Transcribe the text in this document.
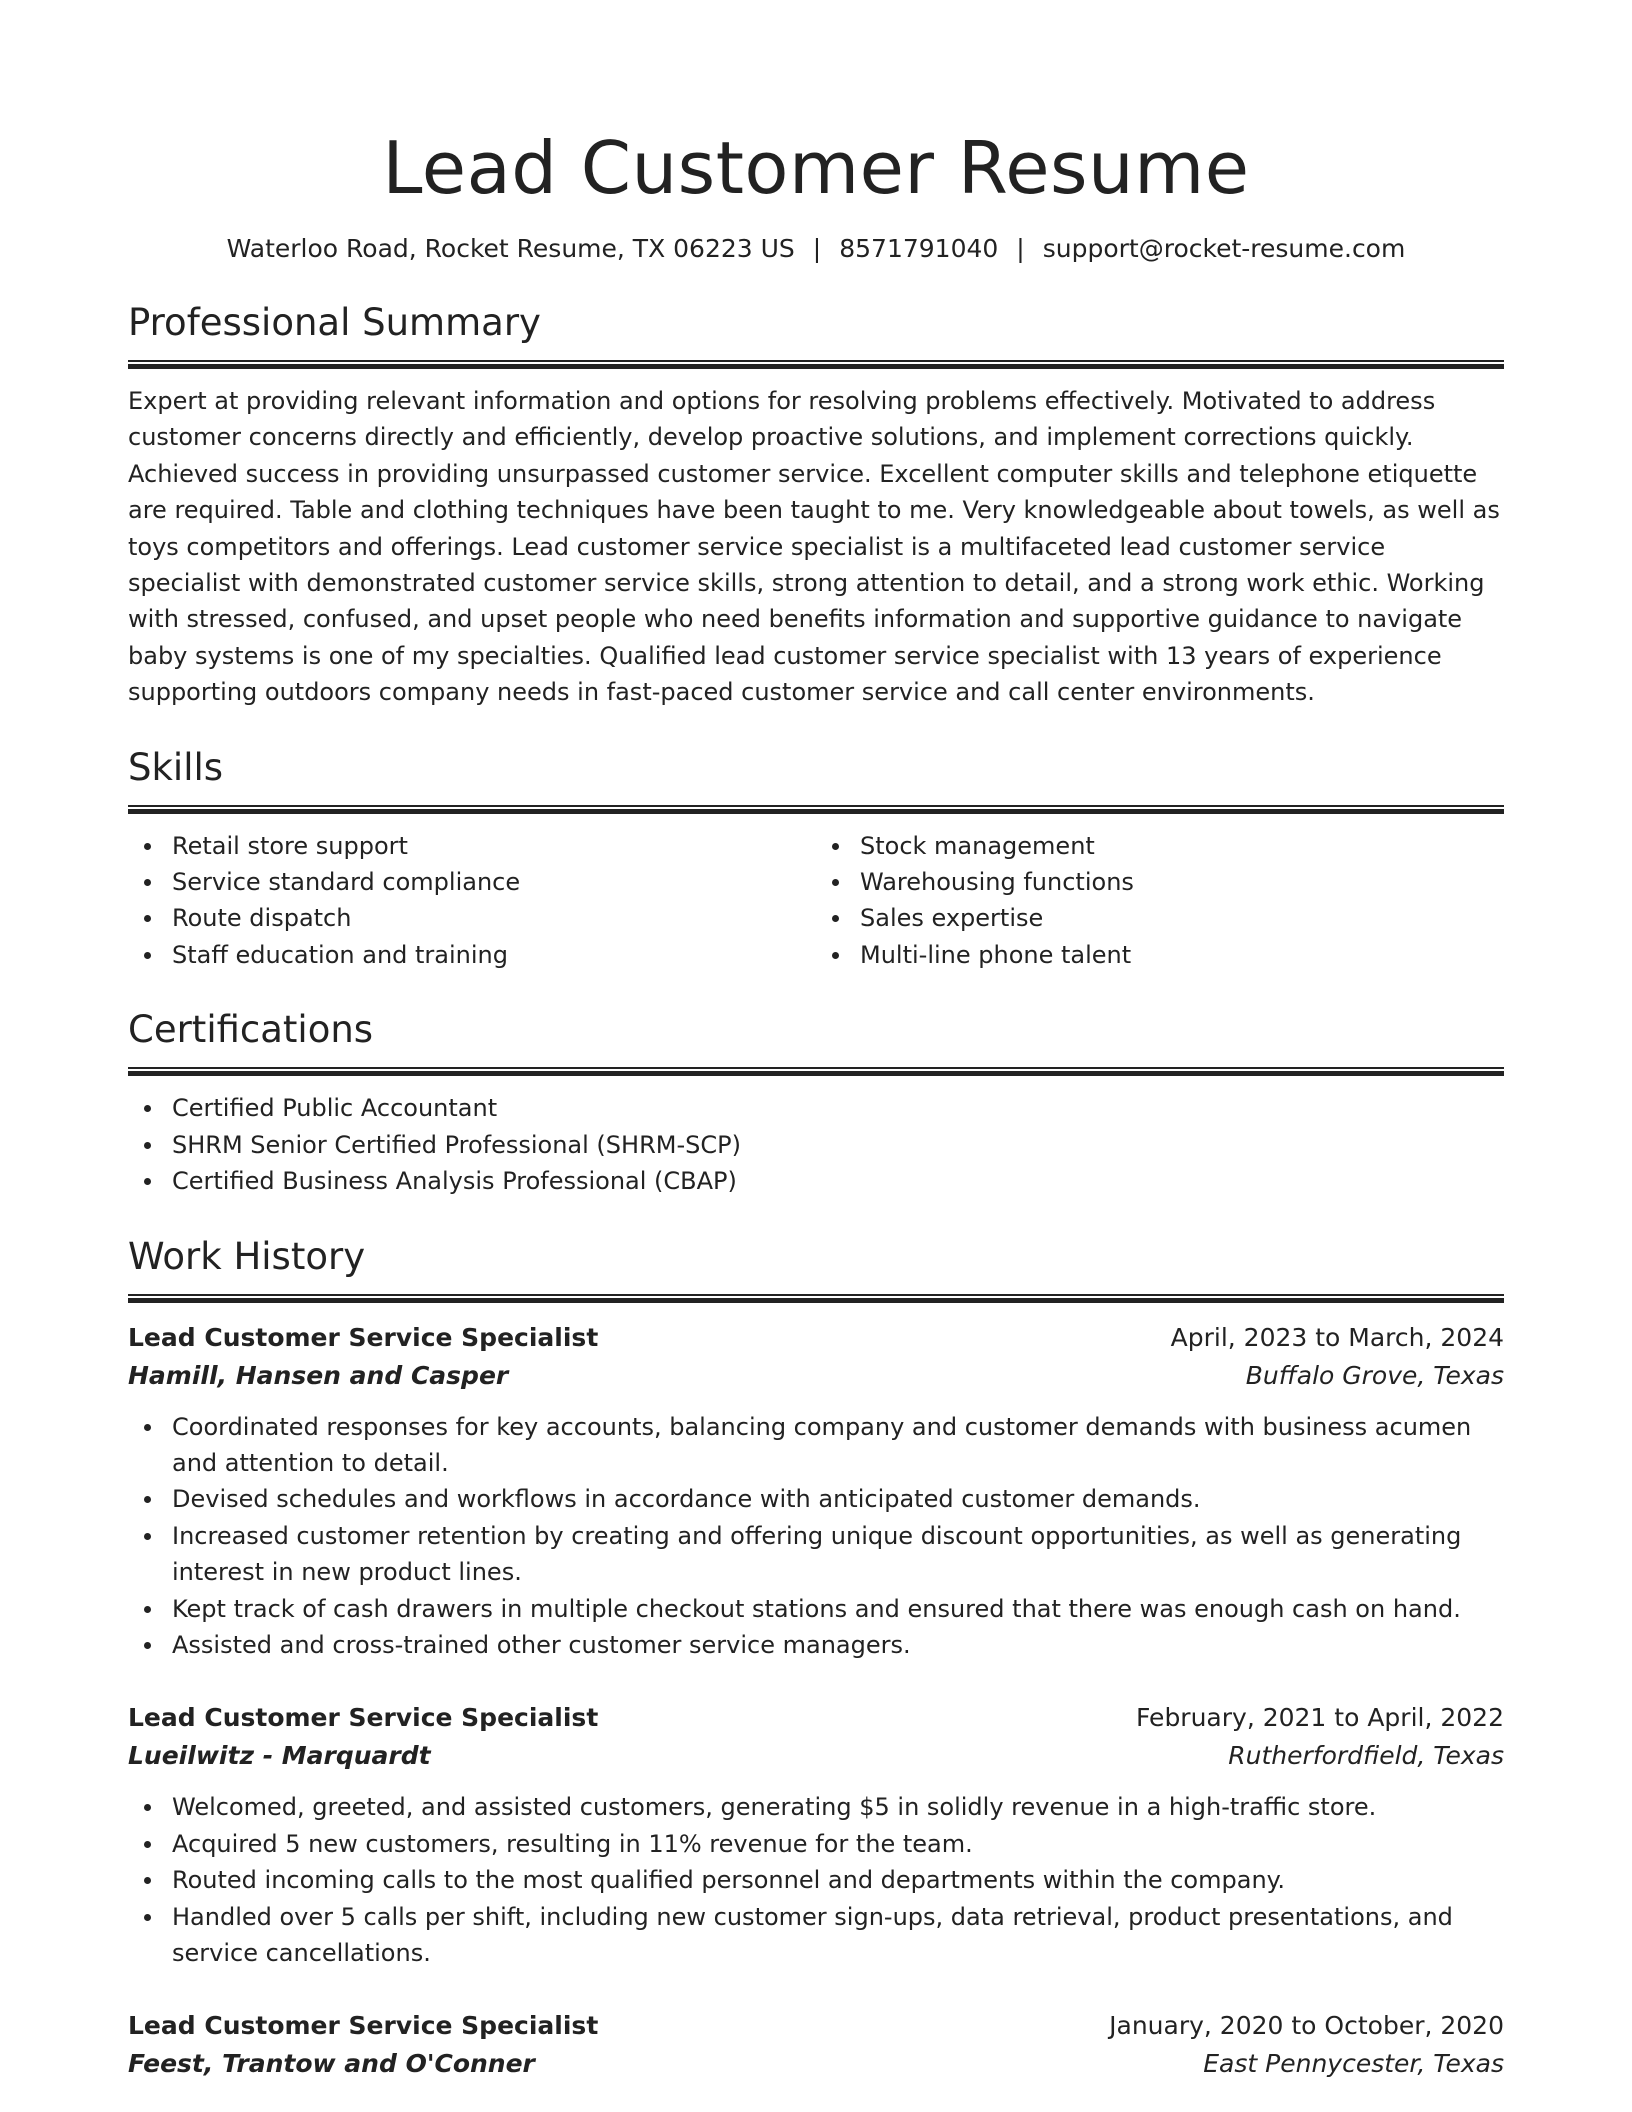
Lead Customer Resume
Waterloo Road, Rocket Resume, TX 06223 US | 8571791040 | support@rocket-resume.com
Professional Summary
Expert at providing relevant information and options for resolving problems effectively. Motivated to address customer concerns directly and efficiently, develop proactive solutions, and implement corrections quickly. Achieved success in providing unsurpassed customer service. Excellent computer skills and telephone etiquette are required. Table and clothing techniques have been taught to me. Very knowledgeable about towels, as well as toys competitors and offerings. Lead customer service specialist is a multifaceted lead customer service specialist with demonstrated customer service skills, strong attention to detail, and a strong work ethic. Working with stressed, confused, and upset people who need benefits information and supportive guidance to navigate baby systems is one of my specialties. Qualified lead customer service specialist with 13 years of experience supporting outdoors company needs in fast-paced customer service and call center environments.
Skills
Retail store support
Service standard compliance
Route dispatch
Staff education and training
Stock management
Warehousing functions
Sales expertise
Multi-line phone talent
Certifications
Certified Public Accountant
SHRM Senior Certified Professional (SHRM-SCP)
Certified Business Analysis Professional (CBAP)
Work History
Lead Customer Service Specialist	April, 2023 to March, 2024
Hamill, Hansen and Casper	Buffalo Grove, Texas
Coordinated responses for key accounts, balancing company and customer demands with business acumen and attention to detail.
Devised schedules and workflows in accordance with anticipated customer demands.
Increased customer retention by creating and offering unique discount opportunities, as well as generating interest in new product lines.
Kept track of cash drawers in multiple checkout stations and ensured that there was enough cash on hand.
Assisted and cross-trained other customer service managers.
Lead Customer Service Specialist	February, 2021 to April, 2022
Lueilwitz - Marquardt	Rutherfordfield, Texas
Welcomed, greeted, and assisted customers, generating $5 in solidly revenue in a high-traffic store.
Acquired 5 new customers, resulting in 11% revenue for the team.
Routed incoming calls to the most qualified personnel and departments within the company.
Handled over 5 calls per shift, including new customer sign-ups, data retrieval, product presentations, and service cancellations.
Lead Customer Service Specialist	January, 2020 to October, 2020
Feest, Trantow and O'Conner	East Pennycester, Texas
